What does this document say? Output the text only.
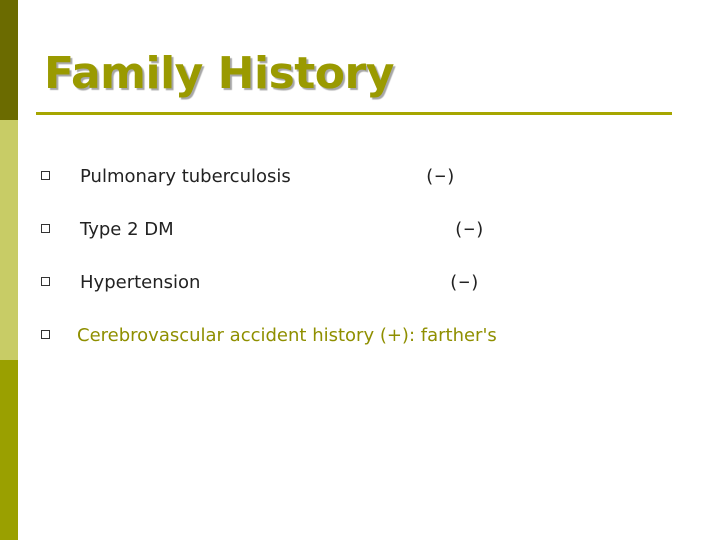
Family History
Pulmonary tuberculosis	(−)
Type 2 DM	(−)
Hypertension	(−)
Cerebrovascular accident history (+): farther's
